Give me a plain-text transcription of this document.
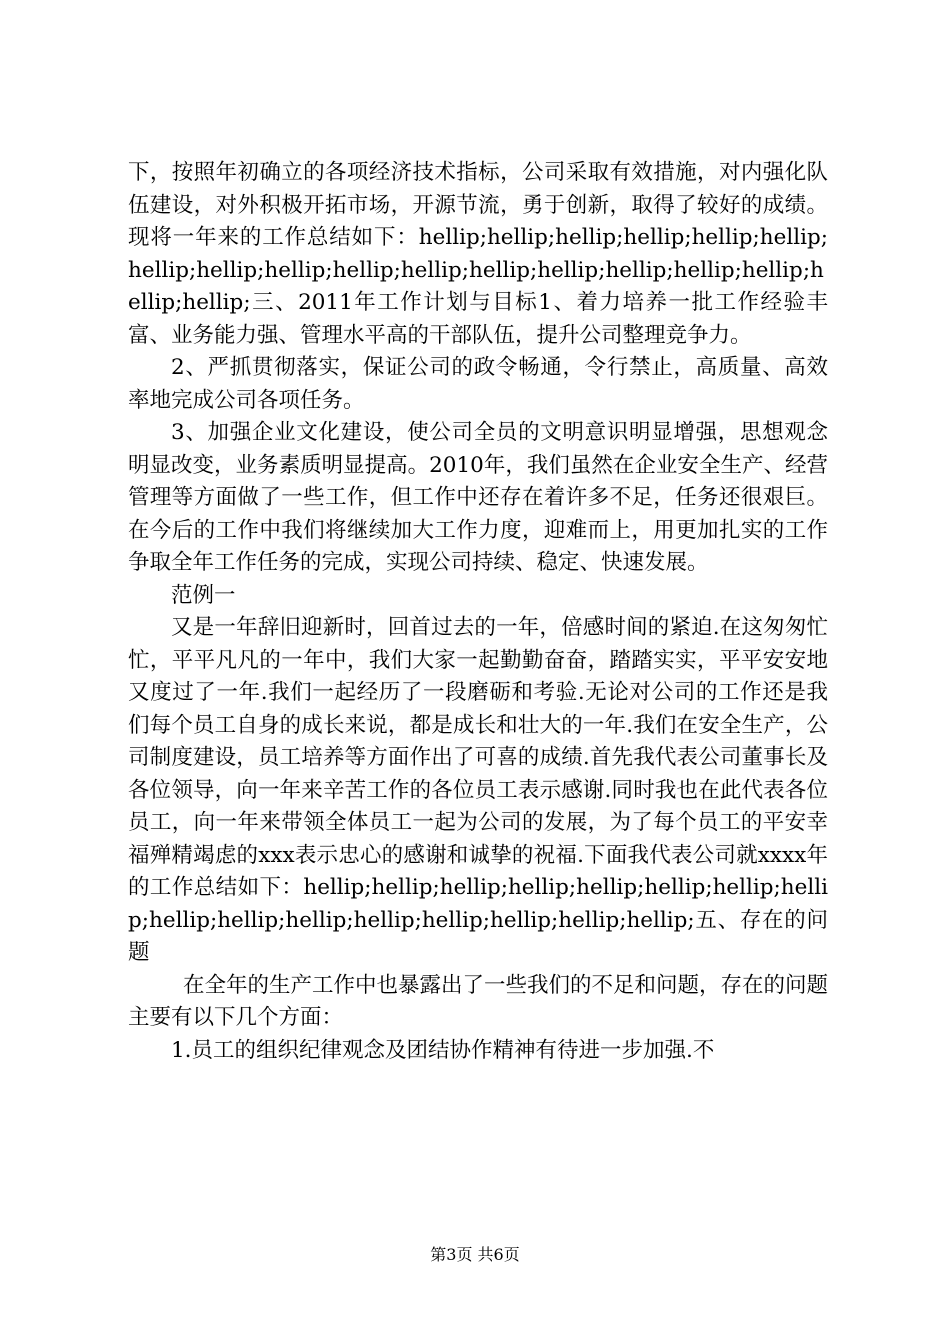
下，按照年初确立的各项经济技术指标，公司采取有效措施，对内强化队伍建设，对外积极开拓市场，开源节流，勇于创新，取得了较好的成绩。现将一年来的工作总结如下：hellip;hellip;hellip;hellip;hellip;hellip;hellip;hellip;hellip;hellip;hellip;hellip;hellip;hellip;hellip;hellip;hellip;hellip;三、2011年工作计划与目标1、着力培养一批工作经验丰富、业务能力强、管理水平高的干部队伍，提升公司整理竞争力。

2、严抓贯彻落实，保证公司的政令畅通，令行禁止，高质量、高效率地完成公司各项任务。

3、加强企业文化建设，使公司全员的文明意识明显增强，思想观念明显改变，业务素质明显提高。2010年，我们虽然在企业安全生产、经营管理等方面做了一些工作，但工作中还存在着许多不足，任务还很艰巨。在今后的工作中我们将继续加大工作力度，迎难而上，用更加扎实的工作争取全年工作任务的完成，实现公司持续、稳定、快速发展。

范例一

又是一年辞旧迎新时，回首过去的一年，倍感时间的紧迫.在这匆匆忙忙，平平凡凡的一年中，我们大家一起勤勤奋奋，踏踏实实，平平安安地又度过了一年.我们一起经历了一段磨砺和考验.无论对公司的工作还是我们每个员工自身的成长来说，都是成长和壮大的一年.我们在安全生产，公司制度建设，员工培养等方面作出了可喜的成绩.首先我代表公司董事长及各位领导，向一年来辛苦工作的各位员工表示感谢.同时我也在此代表各位员工，向一年来带领全体员工一起为公司的发展，为了每个员工的平安幸福殚精竭虑的xxx表示忠心的感谢和诚挚的祝福.下面我代表公司就xxxx年的工作总结如下：hellip;hellip;hellip;hellip;hellip;hellip;hellip;hellip;hellip;hellip;hellip;hellip;hellip;hellip;hellip;hellip;五、存在的问题

在全年的生产工作中也暴露出了一些我们的不足和问题，存在的问题主要有以下几个方面：

1.员工的组织纪律观念及团结协作精神有待进一步加强.不

第3页 共6页
